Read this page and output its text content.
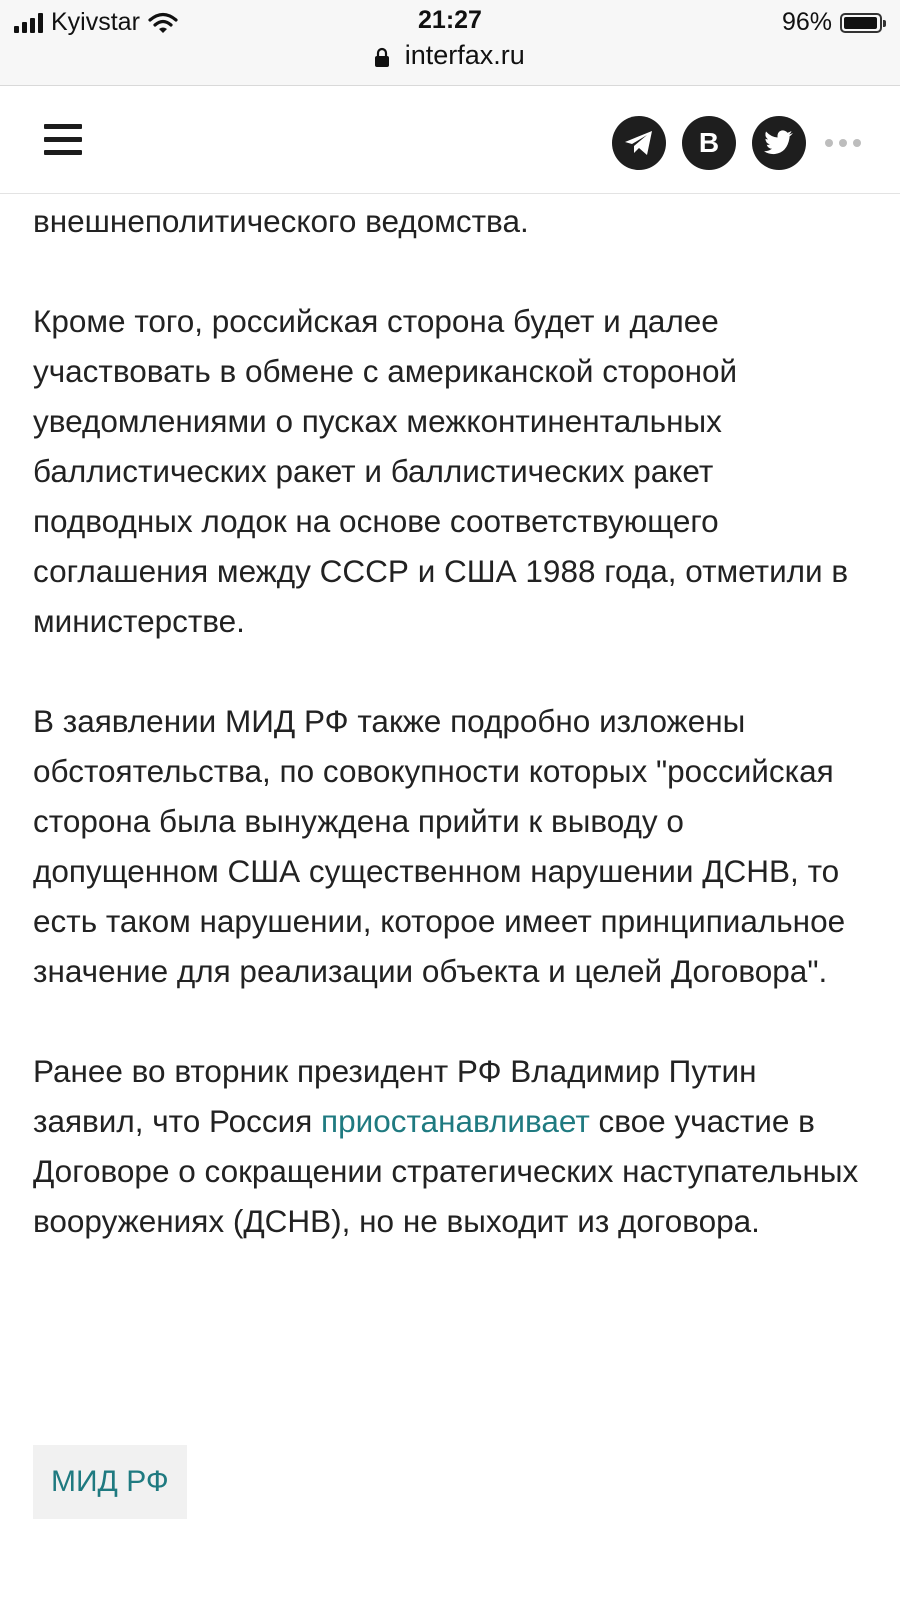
Kyivstar	21:27
interfax.ru
96%
B

внешнеполитического ведомства.

Кроме того, российская сторона будет и далее участвовать в обмене с американской стороной уведомлениями о пусках межконтинентальных баллистических ракет и баллистических ракет подводных лодок на основе соответствующего соглашения между СССР и США 1988 года, отметили в министерстве.

В заявлении МИД РФ также подробно изложены обстоятельства, по совокупности которых "российская сторона была вынуждена прийти к выводу о допущенном США существенном нарушении ДСНВ, то есть таком нарушении, которое имеет принципиальное значение для реализации объекта и целей Договора".

Ранее во вторник президент РФ Владимир Путин заявил, что Россия приостанавливает свое участие в Договоре о сокращении стратегических наступательных вооружениях (ДСНВ), но не выходит из договора.

МИД РФ
